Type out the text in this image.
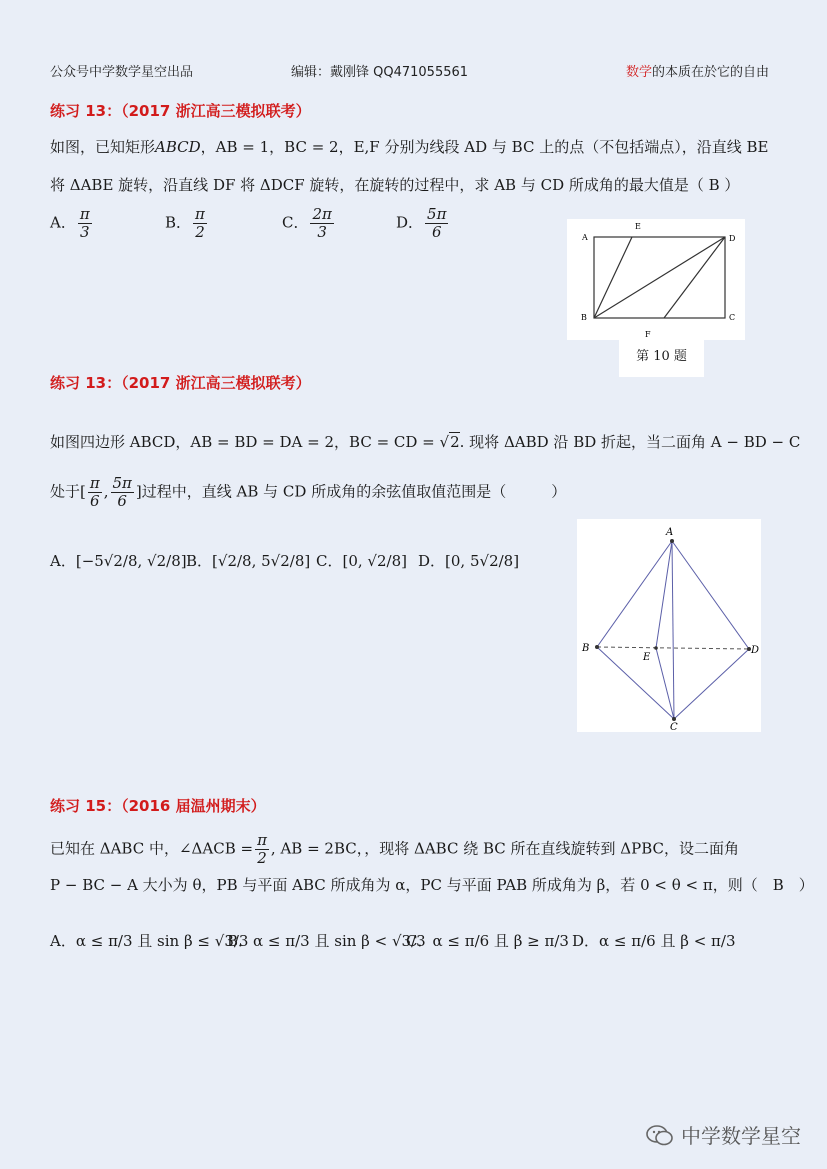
公众号中学数学星空出品	编辑：戴刚锋 QQ471055561	数学的本质在於它的自由
练习 13：（2017 浙江高三模拟联考）
如图，已知矩形ABCD，AB = 1，BC = 2，E,F 分别为线段 AD 与 BC 上的点（不包括端点），沿直线 BE
将 ΔABE 旋转，沿直线 DF 将 ΔDCF 旋转，在旋转的过程中，求 AB 与 CD 所成角的最大值是（ B ）
A． $\frac{\pi}{3}$	B． $\frac{\pi}{2}$	C． $\frac{2\pi}{3}$	D． $\frac{5\pi}{6}$	A
E
D
B
F
C
第 10 题
练习 13：（2017 浙江高三模拟联考）
如图四边形 ABCD，AB = BD = DA = 2，BC = CD = √2. 现将 ΔABD 沿 BD 折起，当二面角 A − BD − C
处于[ $\frac{\pi}{6}$ , $\frac{5\pi}{6}$ ]过程中，直线 AB 与 CD 所成角的余弦值取值范围是（　　　）
A．[−5√2/8, √2/8] B．[√2/8, 5√2/8] C．[0, √2/8] D．[0, 5√2/8]
A
B
E
D
C
练习 15：（2016 届温州期末）
已知在 ΔABC 中，∠ΔACB = $\frac{\pi}{2}$ , AB = 2BC，，现将 ΔABC 绕 BC 所在直线旋转到 ΔPBC，设二面角
P − BC − A 大小为 θ，PB 与平面 ABC 所成角为 α，PC 与平面 PAB 所成角为 β，若 0 < θ < π，则（　B　）
A．α ≤ π/3 且 sin β ≤ √3/3
B．α ≤ π/3 且 sin β < √3/3
C．α ≤ π/6 且 β ≥ π/3 D．α ≤ π/6 且 β < π/3
中学数学星空
